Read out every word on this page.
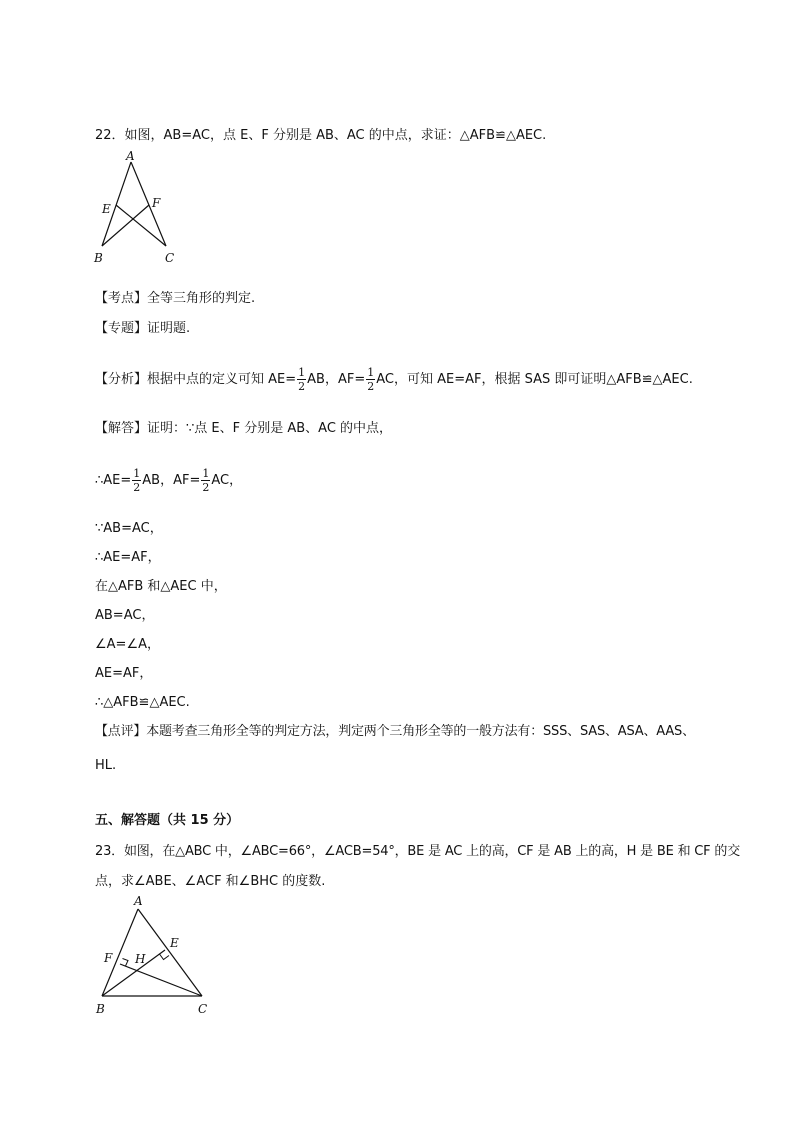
22．如图，AB=AC，点 E、F 分别是 AB、AC 的中点，求证：△AFB≌△AEC.
A
E	F
B	C
【考点】全等三角形的判定.
【专题】证明题.
【分析】根据中点的定义可知 $AE= \frac{1}{2}$ AB，$AF= \frac{1}{2}$ AC，可知 AE=AF，根据 SAS 即可证明△AFB≌△AEC.
【解答】证明：∵点 E、F 分别是 AB、AC 的中点，
∴AE= $\frac{1}{2}$ AB，$AF= \frac{1}{2}$ AC，
∵AB=AC，
∴AE=AF，
在△AFB 和△AEC 中，
AB=AC，
∠A=∠A，
AE=AF，
∴△AFB≌△AEC.
【点评】本题考查三角形全等的判定方法，判定两个三角形全等的一般方法有：SSS、SAS、ASA、AAS、
HL.
五、解答题（共 15 分）
23．如图，在△ABC 中，∠ABC=66°，∠ACB=54°，BE 是 AC 上的高，CF 是 AB 上的高，H 是 BE 和 CF 的交
点，求∠ABE、∠ACF 和∠BHC 的度数.
A
E
F H
B	C
